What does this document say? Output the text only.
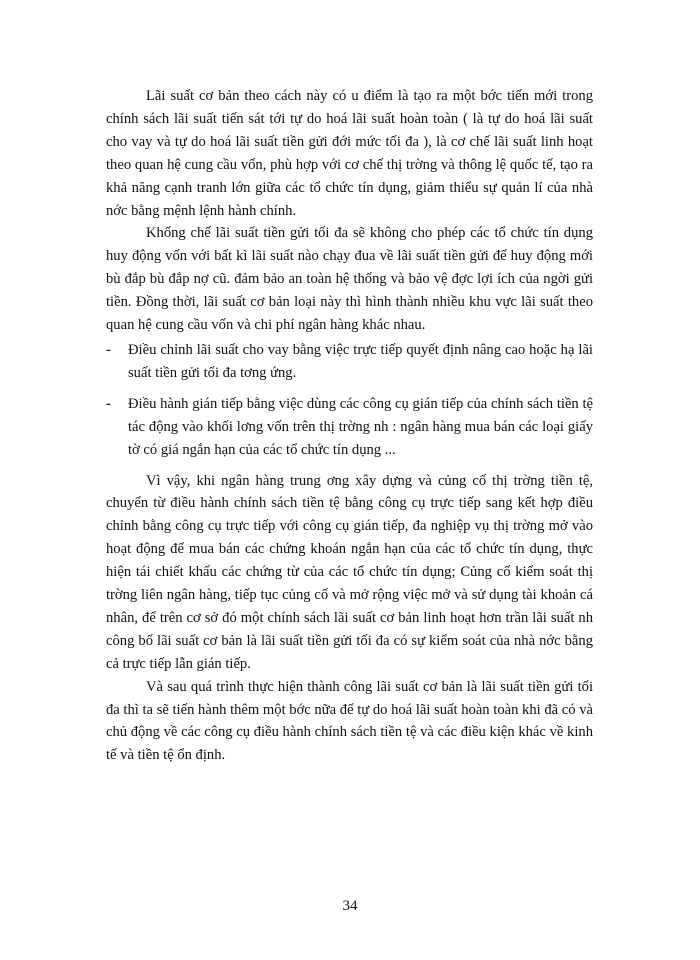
Lãi suất cơ bản theo cách này có u điểm là tạo ra một bớc tiến mới trong chính sách lãi suất tiến sát tới tự do hoá lãi suất hoàn toàn ( là tự do hoá lãi suất cho vay và tự do hoá lãi suất tiền gửi đới mức tối đa ), là cơ chế lãi suất linh hoạt theo quan hệ cung cầu vốn, phù hợp với cơ chế thị trờng và thông lệ quốc tế, tạo ra khả năng cạnh tranh lớn giữa các tổ chức tín dụng, giảm thiểu sự quản lí của nhà nớc bằng mệnh lệnh hành chính.

Khống chế lãi suất tiền gửi tối đa sẽ không cho phép các tổ chức tín dụng huy động vốn với bất kì lãi suất nào chạy đua về lãi suất tiền gửi để huy động mới bù đắp bù đắp nợ cũ. đảm bảo an toàn hệ thống và bảo vệ đợc lợi ích của ngời gửi tiền. Đồng thời, lãi suất cơ bản loại này thì hình thành nhiều khu vực lãi suất theo quan hệ cung cầu vốn và chi phí ngân hàng khác nhau.

-	Điều chỉnh lãi suất cho vay bằng việc trực tiếp quyết định nâng cao hoặc hạ lãi suất tiền gửi tối đa tơng ứng.
-	Điều hành gián tiếp bằng việc dùng các công cụ gián tiếp của chính sách tiền tệ tác động vào khối lơng vốn trên thị trờng nh : ngân hàng mua bán các loại giấy tờ có giá ngắn hạn của các tổ chức tín dụng ...

Vì vậy, khi ngân hàng trung ơng xây dựng và củng cố thị trờng tiền tệ, chuyển từ điều hành chính sách tiền tệ bằng công cụ trực tiếp sang kết hợp điều chỉnh bằng công cụ trực tiếp với công cụ gián tiếp, đa nghiệp vụ thị trờng mở vào hoạt động để mua bán các chứng khoán ngắn hạn của các tổ chức tín dụng, thực hiện tái chiết khấu các chứng từ của các tổ chức tín dụng; Củng cố kiểm soát thị trờng liên ngân hàng, tiếp tục củng cố và mở rộng việc mở và sử dụng tài khoản cá nhân, để trên cơ sở đó một chính sách lãi suất cơ bản linh hoạt hơn trần lãi suất nh công bố lãi suất cơ bản là lãi suất tiền gửi tối đa có sự kiểm soát của nhà nớc bằng cả trực tiếp lẫn gián tiếp.

Và sau quá trình thực hiện thành công lãi suất cơ bản là lãi suất tiền gửi tối đa thì ta sẽ tiến hành thêm một bớc nữa để tự do hoá lãi suất hoàn toàn khi đã có và chủ động về các công cụ điều hành chính sách tiền tệ và các điều kiện khác về kinh tế và tiền tệ ổn định.

34
